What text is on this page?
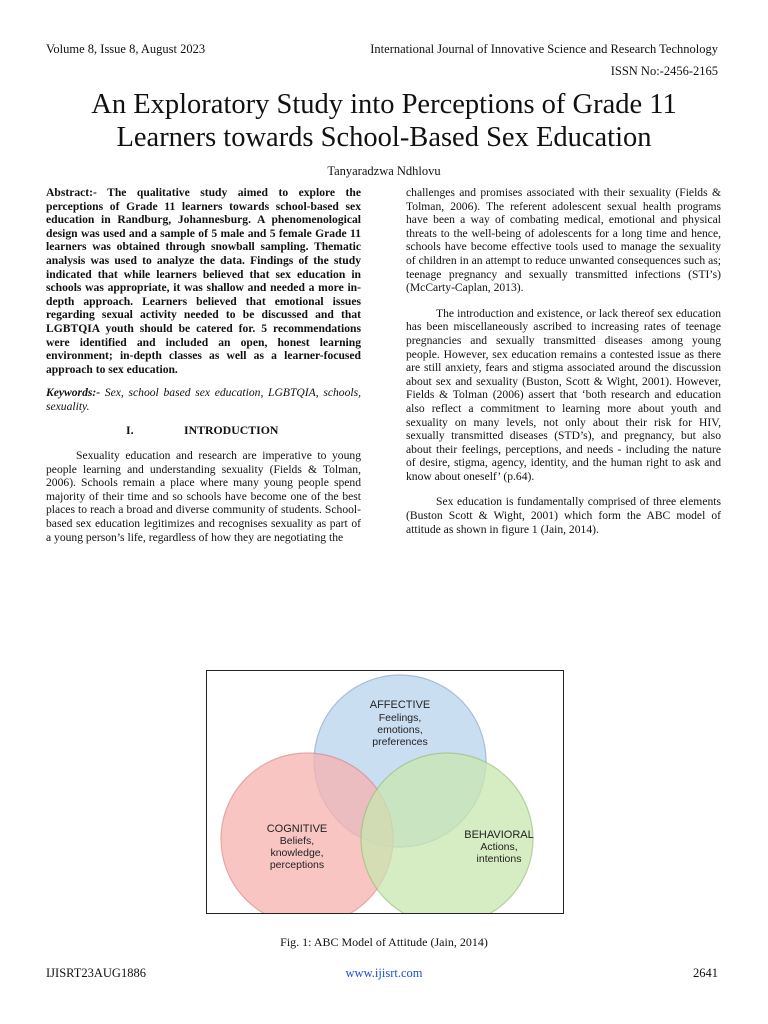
Volume 8, Issue 8, August 2023	International Journal of Innovative Science and Research Technology
ISSN No:-2456-2165
An Exploratory Study into Perceptions of Grade 11
Learners towards School-Based Sex Education
Tanyaradzwa Ndhlovu

Abstract:- The qualitative study aimed to explore the perceptions of Grade 11 learners towards school-based sex education in Randburg, Johannesburg. A phenomenological design was used and a sample of 5 male and 5 female Grade 11 learners was obtained through snowball sampling. Thematic analysis was used to analyze the data. Findings of the study indicated that while learners believed that sex education in schools was appropriate, it was shallow and needed a more in-depth approach. Learners believed that emotional issues regarding sexual activity needed to be discussed and that LGBTQIA youth should be catered for. 5 recommendations were identified and included an open, honest learning environment; in-depth classes as well as a learner-focused approach to sex education.

Keywords:- Sex, school based sex education, LGBTQIA, schools, sexuality.

I.	INTRODUCTION

Sexuality education and research are imperative to young people learning and understanding sexuality (Fields & Tolman, 2006). Schools remain a place where many young people spend majority of their time and so schools have become one of the best places to reach a broad and diverse community of students. School-based sex education legitimizes and recognises sexuality as part of a young person’s life, regardless of how they are negotiating the

challenges and promises associated with their sexuality (Fields & Tolman, 2006). The referent adolescent sexual health programs have been a way of combating medical, emotional and physical threats to the well-being of adolescents for a long time and hence, schools have become effective tools used to manage the sexuality of children in an attempt to reduce unwanted consequences such as; teenage pregnancy and sexually transmitted infections (STI’s) (McCarty-Caplan, 2013).

The introduction and existence, or lack thereof sex education has been miscellaneously ascribed to increasing rates of teenage pregnancies and sexually transmitted diseases among young people. However, sex education remains a contested issue as there are still anxiety, fears and stigma associated around the discussion about sex and sexuality (Buston, Scott & Wight, 2001). However, Fields & Tolman (2006) assert that ‘both research and education also reflect a commitment to learning more about youth and sexuality on many levels, not only about their risk for HIV, sexually transmitted diseases (STD’s), and pregnancy, but also about their feelings, perceptions, and needs - including the nature of desire, stigma, agency, identity, and the human right to ask and know about oneself’ (p.64).

Sex education is fundamentally comprised of three elements (Buston Scott & Wight, 2001) which form the ABC model of attitude as shown in figure 1 (Jain, 2014).

AFFECTIVE
Feelings,
emotions,
preferences
COGNITIVE
Beliefs,
knowledge,
perceptions
BEHAVIORAL
Actions,
intentions
Fig. 1: ABC Model of Attitude (Jain, 2014)
IJISRT23AUG1886	www.ijisrt.com	2641
